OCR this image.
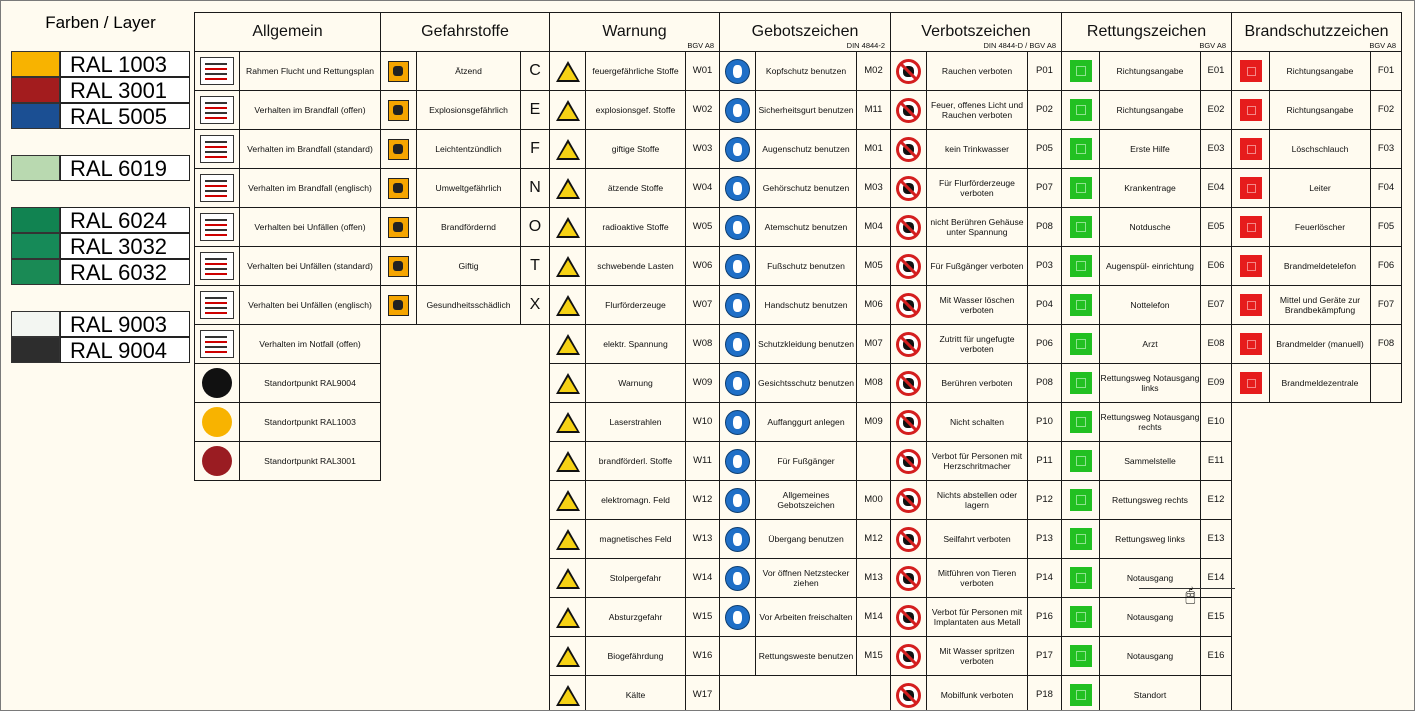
Farben / Layer
RAL 1003
RAL 3001
RAL 5005
RAL 6019
RAL 6024
RAL 3032
RAL 6032
RAL 9003
RAL 9004
Allgemein	

	Rahmen Flucht und Rettungsplan
	Verhalten im Brandfall (offen)
	Verhalten im Brandfall (standard)
	Verhalten im Brandfall (englisch)
	Verhalten bei Unfällen (offen)
	Verhalten bei Unfällen (standard)
	Verhalten bei Unfällen (englisch)
	Verhalten im Notfall (offen)
	Standortpunkt RAL9004
	Standortpunkt RAL1003
	Standortpunkt RAL3001
Gefahrstoffe		

	Ätzend	C
	Explosionsgefährlich	E
	Leichtentzündlich	F
	Umweltgefährlich	N
	Brandfördernd	O
	Giftig	T
	Gesundheitsschädlich	X
Warnung
BGV A8		

	feuergefährliche Stoffe	W01
	explosionsgef. Stoffe	W02
	giftige Stoffe	W03
	ätzende Stoffe	W04
	radioaktive Stoffe	W05
	schwebende Lasten	W06
	Flurförderzeuge	W07
	elektr. Spannung	W08
	Warnung	W09
	Laserstrahlen	W10
	brandförderl. Stoffe	W11
	elektromagn. Feld	W12
	magnetisches Feld	W13
	Stolpergefahr	W14
	Absturzgefahr	W15
	Biogefährdung	W16
	Kälte	W17
Gebotszeichen
DIN 4844-2		

	Kopfschutz benutzen	M02
	Sicherheitsgurt benutzen	M11
	Augenschutz benutzen	M01
	Gehörschutz benutzen	M03
	Atemschutz benutzen	M04
	Fußschutz benutzen	M05
	Handschutz benutzen	M06
	Schutzkleidung benutzen	M07
	Gesichtsschutz benutzen	M08
	Auffanggurt anlegen	M09
	Für Fußgänger	
	Allgemeines Gebotszeichen	M00
	Übergang benutzen	M12
	Vor öffnen Netzstecker ziehen	M13
	Vor Arbeiten freischalten	M14
	Rettungsweste benutzen	M15
Verbotszeichen
DIN 4844-D / BGV A8		

	Rauchen verboten	P01
	Feuer, offenes Licht und Rauchen verboten	P02
	kein Trinkwasser	P05
	Für Flurförderzeuge verboten	P07
	nicht Berühren Gehäuse unter Spannung	P08
	Für Fußgänger verboten	P03
	Mit Wasser löschen verboten	P04
	Zutritt für ungefugte verboten	P06
	Berühren verboten	P08
	Nicht schalten	P10
	Verbot für Personen mit Herzschritmacher	P11
	Nichts abstellen oder lagern	P12
	Seilfahrt verboten	P13
	Mitführen von Tieren verboten	P14
	Verbot für Personen mit Implantaten aus Metall	P16
	Mit Wasser spritzen verboten	P17
	Mobilfunk verboten	P18
Rettungszeichen
BGV A8		

	Richtungsangabe	E01
	Richtungsangabe	E02
	Erste Hilfe	E03
	Krankentrage	E04
	Notdusche	E05
	Augenspül- einrichtung	E06
	Nottelefon	E07
	Arzt	E08
	Rettungsweg Notausgang links	E09
	Rettungsweg Notausgang rechts	E10
	Sammelstelle	E11
	Rettungsweg rechts	E12
	Rettungsweg links	E13
	Notausgang	E14
	Notausgang	E15
	Notausgang	E16
	Standort	
Brandschutzzeichen
BGV A8		

	Richtungsangabe	F01
	Richtungsangabe	F02
	Löschschlauch	F03
	Leiter	F04
	Feuerlöscher	F05
	Brandmeldetelefon	F06
	Mittel und Geräte zur Brandbekämpfung	F07
	Brandmelder (manuell)	F08
	Brandmeldezentrale	
🖰
